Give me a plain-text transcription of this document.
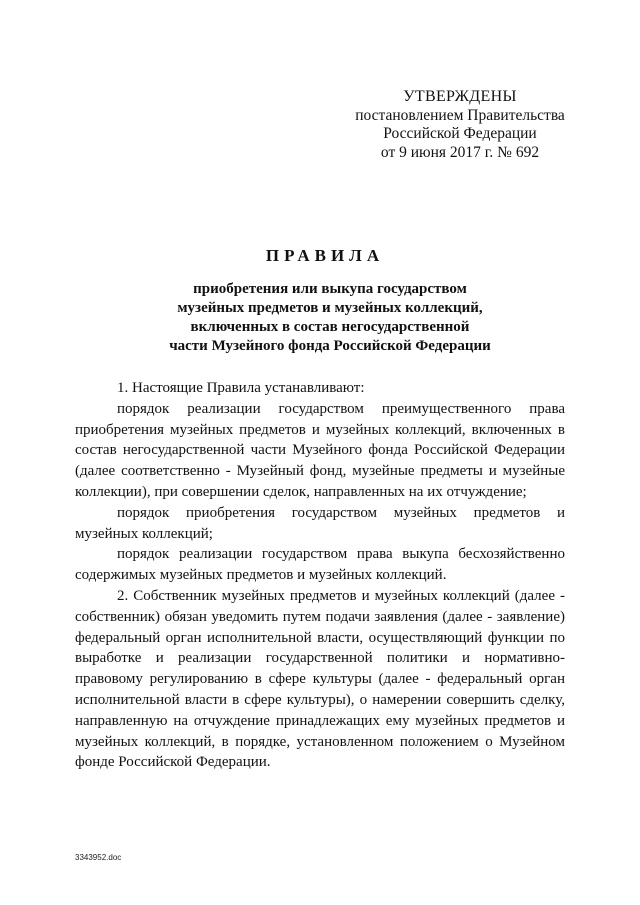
УТВЕРЖДЕНЫ
постановлением Правительства
Российской Федерации
от 9 июня 2017 г. № 692
ПРАВИЛА
приобретения или выкупа государством
музейных предметов и музейных коллекций,
включенных в состав негосударственной
части Музейного фонда Российской Федерации

1. Настоящие Правила устанавливают:

порядок реализации государством преимущественного права приобретения музейных предметов и музейных коллекций, включенных в состав негосударственной части Музейного фонда Российской Федерации (далее соответственно - Музейный фонд, музейные предметы и музейные коллекции), при совершении сделок, направленных на их отчуждение;

порядок приобретения государством музейных предметов и музейных коллекций;

порядок реализации государством права выкупа бесхозяйственно содержимых музейных предметов и музейных коллекций.

2. Собственник музейных предметов и музейных коллекций (далее - собственник) обязан уведомить путем подачи заявления (далее - заявление) федеральный орган исполнительной власти, осуществляющий функции по выработке и реализации государственной политики и нормативно-правовому регулированию в сфере культуры (далее - федеральный орган исполнительной власти в сфере культуры), о намерении совершить сделку, направленную на отчуждение принадлежащих ему музейных предметов и музейных коллекций, в порядке, установленном положением о Музейном фонде Российской Федерации.

3343952.doc
